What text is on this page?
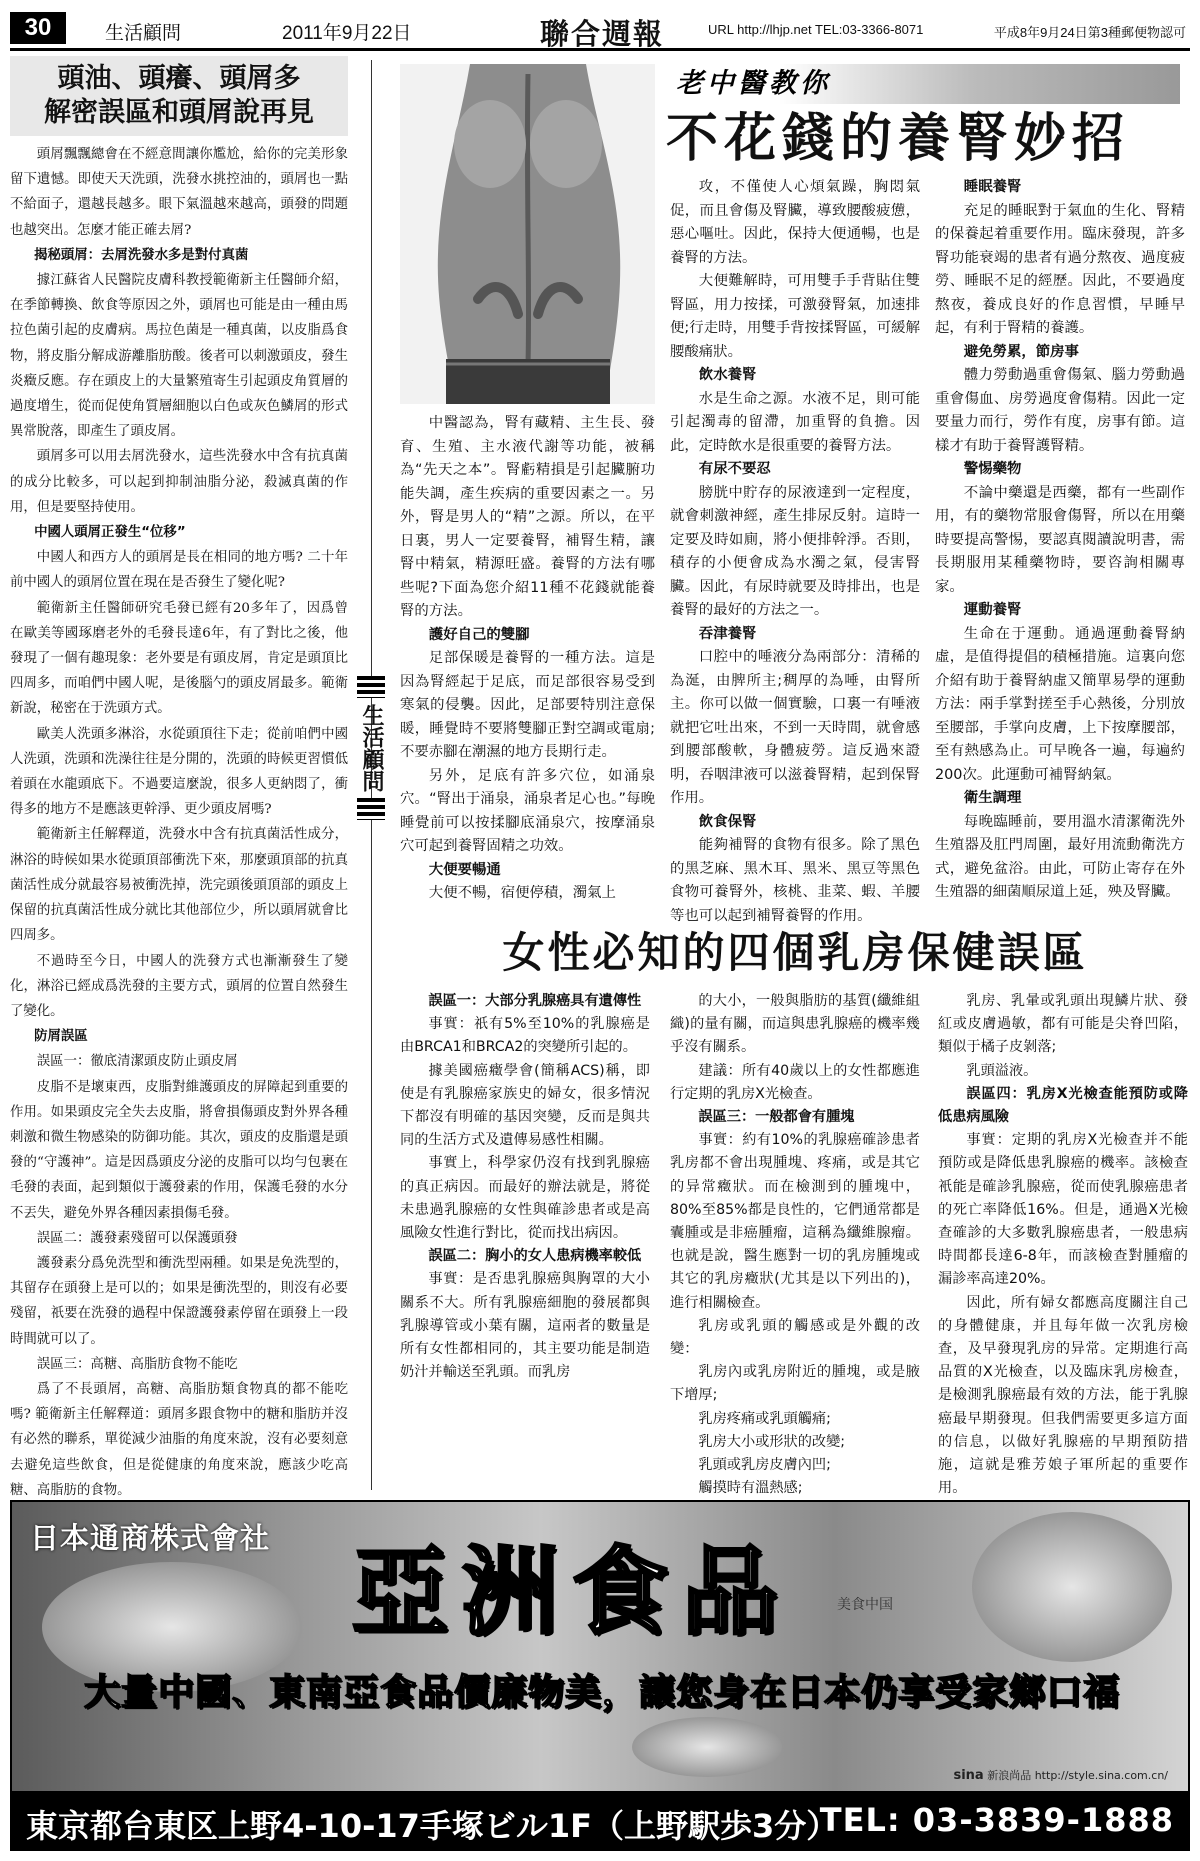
30	生活顧問	2011年9月22日	聯合週報	URL http://lhjp.net TEL:03-3366-8071	平成8年9月24日第3種郵便物認可
頭油、頭癢、頭屑多
解密誤區和頭屑說再見

頭屑飄飄總會在不經意間讓你尷尬，給你的完美形象留下遺憾。即使天天洗頭，洗發水挑控油的，頭屑也一點不給面子，還越長越多。眼下氣溫越來越高，頭發的問題也越突出。怎麼才能正確去屑?

揭秘頭屑：去屑洗發水多是對付真菌

據江蘇省人民醫院皮膚科教授範衛新主任醫師介紹，在季節轉換、飲食等原因之外，頭屑也可能是由一種由馬拉色菌引起的皮膚病。馬拉色菌是一種真菌，以皮脂爲食物，將皮脂分解成游離脂肪酸。後者可以刺激頭皮，發生炎癥反應。存在頭皮上的大量繁殖寄生引起頭皮角質層的過度增生，從而促使角質層細胞以白色或灰色鱗屑的形式異常脫落，即產生了頭皮屑。

頭屑多可以用去屑洗發水，這些洗發水中含有抗真菌的成分比較多，可以起到抑制油脂分泌，殺滅真菌的作用，但是要堅持使用。

中國人頭屑正發生“位移”

中國人和西方人的頭屑是長在相同的地方嗎? 二十年前中國人的頭屑位置在現在是否發生了變化呢?

範衛新主任醫師研究毛發已經有20多年了，因爲曾在歐美等國琢磨老外的毛發長達6年，有了對比之後，他發現了一個有趣現象：老外要是有頭皮屑，肯定是頭頂比四周多，而咱們中國人呢，是後腦勺的頭皮屑最多。範衛新說，秘密在于洗頭方式。

歐美人洗頭多淋浴，水從頭頂往下走；從前咱們中國人洗頭，洗頭和洗澡往往是分開的，洗頭的時候更習慣低着頭在水龍頭底下。不過要這麼說，很多人更納悶了，衝得多的地方不是應該更幹淨、更少頭皮屑嗎?

範衛新主任解釋道，洗發水中含有抗真菌活性成分，淋浴的時候如果水從頭頂部衝洗下來，那麼頭頂部的抗真菌活性成分就最容易被衝洗掉，洗完頭後頭頂部的頭皮上保留的抗真菌活性成分就比其他部位少，所以頭屑就會比四周多。

不過時至今日，中國人的洗發方式也漸漸發生了變化，淋浴已經成爲洗發的主要方式，頭屑的位置自然發生了變化。

防屑誤區

誤區一：徹底清潔頭皮防止頭皮屑

皮脂不是壞東西，皮脂對維護頭皮的屏障起到重要的作用。如果頭皮完全失去皮脂，將會損傷頭皮對外界各種刺激和微生物感染的防御功能。其次，頭皮的皮脂還是頭發的“守護神”。這是因爲頭皮分泌的皮脂可以均勻包裹在毛發的表面，起到類似于護發素的作用，保護毛發的水分不丟失，避免外界各種因素損傷毛發。

誤區二：護發素殘留可以保護頭發

護發素分爲免洗型和衝洗型兩種。如果是免洗型的，其留存在頭發上是可以的；如果是衝洗型的，則沒有必要殘留，祇要在洗發的過程中保證護發素停留在頭發上一段時間就可以了。

誤區三：高糖、高脂肪食物不能吃

爲了不長頭屑，高糖、高脂肪類食物真的都不能吃嗎? 範衛新主任解釋道：頭屑多跟食物中的糖和脂肪并沒有必然的聯系，單從減少油脂的角度來說，沒有必要刻意去避免這些飲食，但是從健康的角度來說，應該少吃高糖、高脂肪的食物。

生活顧問
老中醫教你
不花錢的養腎妙招

中醫認為，腎有藏精、主生長、發育、生殖、主水液代謝等功能，被稱為“先天之本”。腎虧精損是引起臟腑功能失調，產生疾病的重要因素之一。另外，腎是男人的“精”之源。所以，在平日裏，男人一定要養腎，補腎生精，讓腎中精氣，精源旺盛。養腎的方法有哪些呢?下面為您介紹11種不花錢就能養腎的方法。

護好自己的雙腳

足部保暖是養腎的一種方法。這是因為腎經起于足底，而足部很容易受到寒氣的侵襲。因此，足部要特別注意保暖，睡覺時不要將雙腳正對空調或電扇;不要赤腳在潮濕的地方長期行走。

另外，足底有許多穴位，如涌泉穴。“腎出于涌泉，涌泉者足心也。”每晚睡覺前可以按揉腳底涌泉穴，按摩涌泉穴可起到養腎固精之功效。

大便要暢通

大便不暢，宿便停積，濁氣上

攻，不僅使人心煩氣躁，胸悶氣促，而且會傷及腎臟，導致腰酸疲憊，惡心嘔吐。因此，保持大便通暢，也是養腎的方法。

大便難解時，可用雙手手背貼住雙腎區，用力按揉，可激發腎氣，加速排便;行走時，用雙手背按揉腎區，可緩解腰酸痛狀。

飲水養腎

水是生命之源。水液不足，則可能引起濁毒的留滯，加重腎的負擔。因此，定時飲水是很重要的養腎方法。

有尿不要忍

膀胱中貯存的尿液達到一定程度，就會刺激神經，產生排尿反射。這時一定要及時如廁，將小便排幹淨。否則，積存的小便會成為水濁之氣，侵害腎臟。因此，有尿時就要及時排出，也是養腎的最好的方法之一。

吞津養腎

口腔中的唾液分為兩部分：清稀的為涎，由脾所主;稠厚的為唾，由腎所主。你可以做一個實驗，口裏一有唾液就把它吐出來，不到一天時間，就會感到腰部酸軟，身體疲勞。這反過來證明，吞咽津液可以滋養腎精，起到保腎作用。

飲食保腎

能夠補腎的食物有很多。除了黑色的黑芝麻、黑木耳、黑米、黑豆等黑色食物可養腎外，核桃、韭菜、蝦、羊腰等也可以起到補腎養腎的作用。

睡眠養腎

充足的睡眠對于氣血的生化、腎精的保養起着重要作用。臨床發現，許多腎功能衰竭的患者有過分熬夜、過度疲勞、睡眠不足的經歷。因此，不要過度熬夜，養成良好的作息習慣，早睡早起，有利于腎精的養護。

避免勞累，節房事

體力勞動過重會傷氣、腦力勞動過重會傷血、房勞過度會傷精。因此一定要量力而行，勞作有度，房事有節。這樣才有助于養腎護腎精。

警惕藥物

不論中藥還是西藥，都有一些副作用，有的藥物常服會傷腎，所以在用藥時要提高警惕，要認真閱讀說明書，需長期服用某種藥物時，要咨詢相關專家。

運動養腎

生命在于運動。通過運動養腎納虛，是值得提倡的積極措施。這裏向您介紹有助于養腎納虛又簡單易學的運動方法：兩手掌對搓至手心熱後，分別放至腰部，手掌向皮膚，上下按摩腰部，至有熱感為止。可早晚各一遍，每遍約200次。此運動可補腎納氣。

衛生調理

每晚臨睡前，要用溫水清潔衛洗外生殖器及肛門周圍，最好用流動衛洗方式，避免盆浴。由此，可防止寄存在外生殖器的細菌順尿道上延，殃及腎臟。

女性必知的四個乳房保健誤區

誤區一：大部分乳腺癌具有遺傳性

事實：祇有5%至10%的乳腺癌是由BRCA1和BRCA2的突變所引起的。

據美國癌癥學會(簡稱ACS)稱，即使是有乳腺癌家族史的婦女，很多情況下都沒有明確的基因突變，反而是與共同的生活方式及遺傳易感性相關。

事實上，科學家仍沒有找到乳腺癌的真正病因。而最好的辦法就是，將從未患過乳腺癌的女性與確診患者或是高風險女性進行對比，從而找出病因。

誤區二：胸小的女人患病機率較低

事實：是否患乳腺癌與胸罩的大小關系不大。所有乳腺癌細胞的發展都與乳腺導管或小葉有關，這兩者的數量是所有女性都相同的，其主要功能是制造奶汁并輸送至乳頭。而乳房

的大小，一般與脂肪的基質(纖維組織)的量有關，而這與患乳腺癌的機率幾乎沒有關系。

建議：所有40歲以上的女性都應進行定期的乳房X光檢查。

誤區三：一般都會有腫塊

事實：約有10%的乳腺癌確診患者乳房都不會出現腫塊、疼痛，或是其它的异常癥狀。而在檢測到的腫塊中，80%至85%都是良性的，它們通常都是囊腫或是非癌腫瘤，這稱為纖維腺瘤。也就是說，醫生應對一切的乳房腫塊或其它的乳房癥狀(尤其是以下列出的)，進行相關檢查。

乳房或乳頭的觸感或是外觀的改變：

乳房內或乳房附近的腫塊，或是腋下增厚;

乳房疼痛或乳頭觸痛;

乳房大小或形狀的改變;

乳頭或乳房皮膚內凹;

觸摸時有溫熱感;

乳房、乳暈或乳頭出現鱗片狀、發紅或皮膚過敏，都有可能是尖脊凹陷，類似于橘子皮剝落;

乳頭溢液。

誤區四：乳房X光檢查能預防或降低患病風險

事實：定期的乳房X光檢查并不能預防或是降低患乳腺癌的機率。該檢查衹能是確診乳腺癌，從而使乳腺癌患者的死亡率降低16%。但是，通過X光檢查確診的大多數乳腺癌患者，一般患病時間都長達6-8年，而該檢查對腫瘤的漏診率高達20%。

因此，所有婦女都應高度關注自己的身體健康，并且每年做一次乳房檢查，及早發現乳房的异常。定期進行高品質的X光檢查，以及臨床乳房檢查，是檢測乳腺癌最有效的方法，能于乳腺癌最早期發現。但我們需要更多這方面的信息，以做好乳腺癌的早期預防措施，這就是雅芳娘子軍所起的重要作用。

日本通商株式會社 亞洲食品	美食中国
大量中國、東南亞食品價廉物美，讓您身在日本仍享受家鄉口福
sina 新浪尚品 http://style.sina.com.cn/
東京都台東区上野4-10-17手塚ビル1F（上野駅歩3分）
TEL: 03-3839-1888
